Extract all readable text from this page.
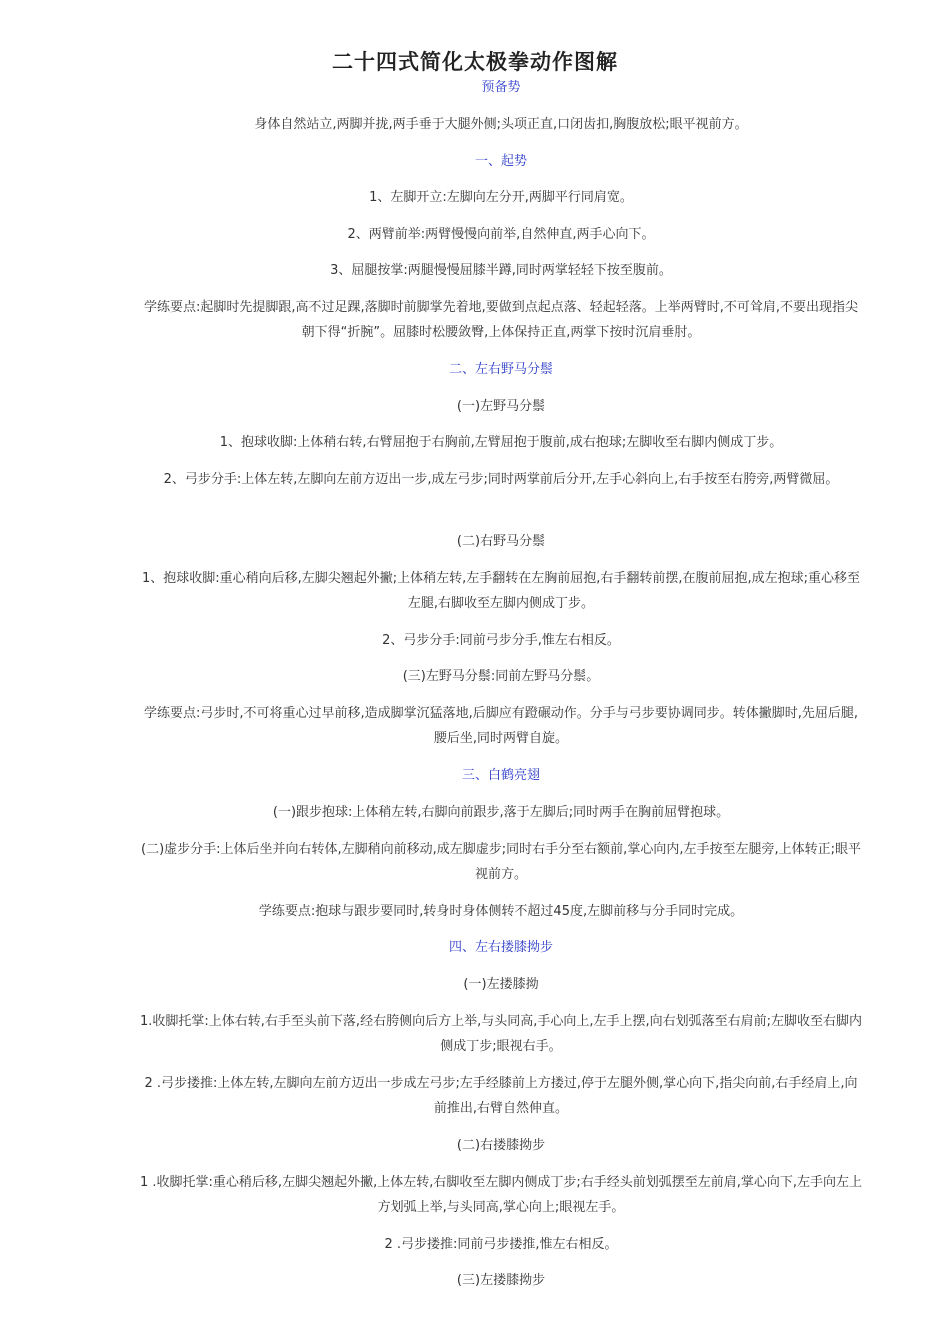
二十四式简化太极拳动作图解
预备势
身体自然站立,两脚并拢,两手垂于大腿外侧;头项正直,口闭齿扣,胸腹放松;眼平视前方。
一、起势
1、左脚开立:左脚向左分开,两脚平行同肩宽。
2、两臂前举:两臂慢慢向前举,自然伸直,两手心向下。
3、屈腿按掌:两腿慢慢屈膝半蹲,同时两掌轻轻下按至腹前。
学练要点:起脚时先提脚跟,高不过足踝,落脚时前脚掌先着地,要做到点起点落、轻起轻落。上举两臂时,不可耸肩,不要出现指尖朝下得“折腕”。屈膝时松腰敛臀,上体保持正直,两掌下按时沉肩垂肘。
二、左右野马分鬃
(一)左野马分鬃
1、抱球收脚:上体稍右转,右臂屈抱于右胸前,左臂屈抱于腹前,成右抱球;左脚收至右脚内侧成丁步。
2、弓步分手:上体左转,左脚向左前方迈出一步,成左弓步;同时两掌前后分开,左手心斜向上,右手按至右胯旁,两臂微屈。
(二)右野马分鬃
1、抱球收脚:重心稍向后移,左脚尖翘起外撇;上体稍左转,左手翻转在左胸前屈抱,右手翻转前摆,在腹前屈抱,成左抱球;重心移至左腿,右脚收至左脚内侧成丁步。
2、弓步分手:同前弓步分手,惟左右相反。
(三)左野马分鬃:同前左野马分鬃。
学练要点:弓步时,不可将重心过早前移,造成脚掌沉猛落地,后脚应有蹬碾动作。分手与弓步要协调同步。转体撇脚时,先屈后腿,腰后坐,同时两臂自旋。
三、白鹤亮翅
(一)跟步抱球:上体稍左转,右脚向前跟步,落于左脚后;同时两手在胸前屈臂抱球。
(二)虚步分手:上体后坐并向右转体,左脚稍向前移动,成左脚虚步;同时右手分至右额前,掌心向内,左手按至左腿旁,上体转正;眼平视前方。
学练要点:抱球与跟步要同时,转身时身体侧转不超过45度,左脚前移与分手同时完成。
四、左右搂膝拗步
(一)左搂膝拗
1.收脚托掌:上体右转,右手至头前下落,经右胯侧向后方上举,与头同高,手心向上,左手上摆,向右划弧落至右肩前;左脚收至右脚内侧成丁步;眼视右手。
2 .弓步搂推:上体左转,左脚向左前方迈出一步成左弓步;左手经膝前上方搂过,停于左腿外侧,掌心向下,指尖向前,右手经肩上,向前推出,右臂自然伸直。
(二)右搂膝拗步
1 .收脚托掌:重心稍后移,左脚尖翘起外撇,上体左转,右脚收至左脚内侧成丁步;右手经头前划弧摆至左前肩,掌心向下,左手向左上方划弧上举,与头同高,掌心向上;眼视左手。
2 .弓步搂推:同前弓步搂推,惟左右相反。
(三)左搂膝拗步
